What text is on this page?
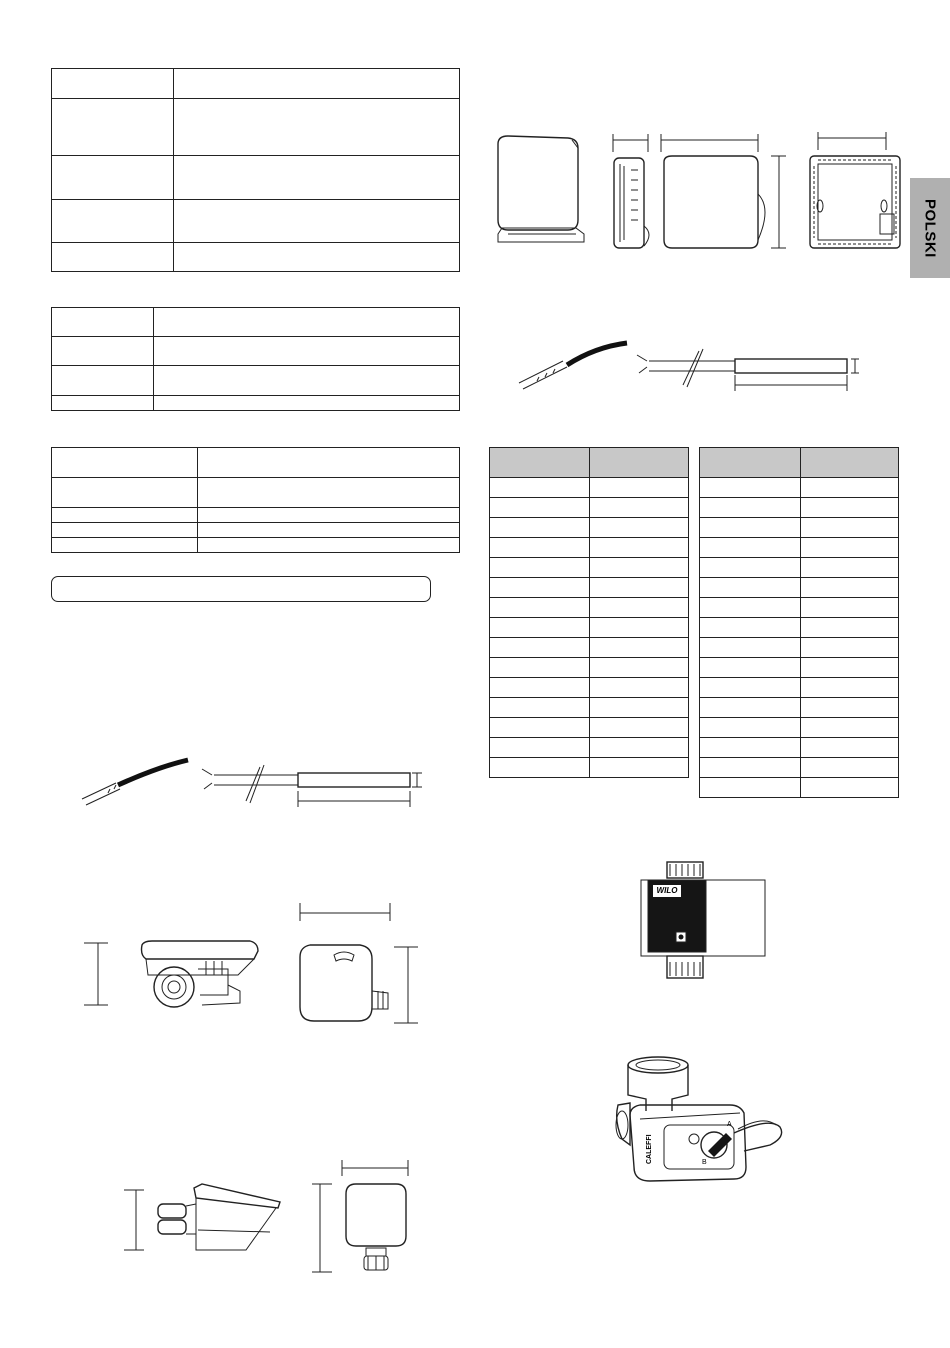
POLSKI

WILO
CALEFFI
A
B
